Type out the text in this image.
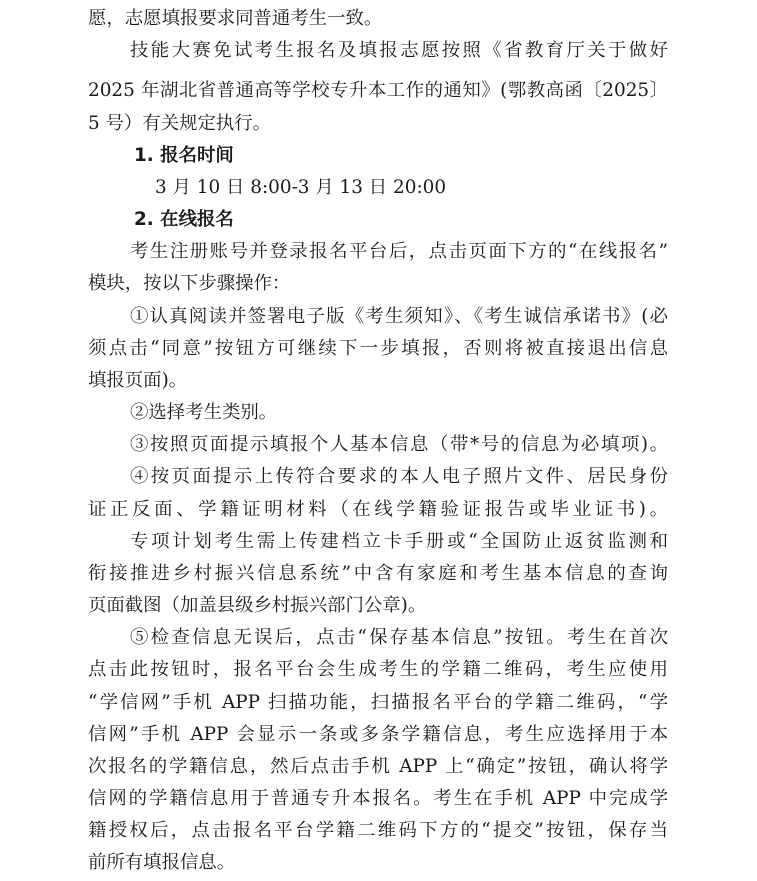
愿，志愿填报要求同普通考生一致。
技能大赛免试考生报名及填报志愿按照《省教育厅关于做好
2025 年湖北省普通高等学校专升本工作的通知》(鄂教高函〔2025〕
5 号）有关规定执行。
1. 报名时间
3 月 10 日 8:00-3 月 13 日 20:00
2. 在线报名
考生注册账号并登录报名平台后，点击页面下方的“在线报名”
模块，按以下步骤操作：
①认真阅读并签署电子版《考生须知》、《考生诚信承诺书》(必
须点击“同意”按钮方可继续下一步填报，否则将被直接退出信息
填报页面)。
②选择考生类别。
③按照页面提示填报个人基本信息（带*号的信息为必填项)。
④按页面提示上传符合要求的本人电子照片文件、居民身份
证正反面、学籍证明材料（在线学籍验证报告或毕业证书)。
专项计划考生需上传建档立卡手册或“全国防止返贫监测和
衔接推进乡村振兴信息系统”中含有家庭和考生基本信息的查询
页面截图（加盖县级乡村振兴部门公章)。
⑤检查信息无误后，点击“保存基本信息”按钮。考生在首次
点击此按钮时，报名平台会生成考生的学籍二维码，考生应使用
“学信网”手机 APP 扫描功能，扫描报名平台的学籍二维码，“学
信网”手机 APP 会显示一条或多条学籍信息，考生应选择用于本
次报名的学籍信息，然后点击手机 APP 上“确定”按钮，确认将学
信网的学籍信息用于普通专升本报名。考生在手机 APP 中完成学
籍授权后，点击报名平台学籍二维码下方的“提交”按钮，保存当
前所有填报信息。
